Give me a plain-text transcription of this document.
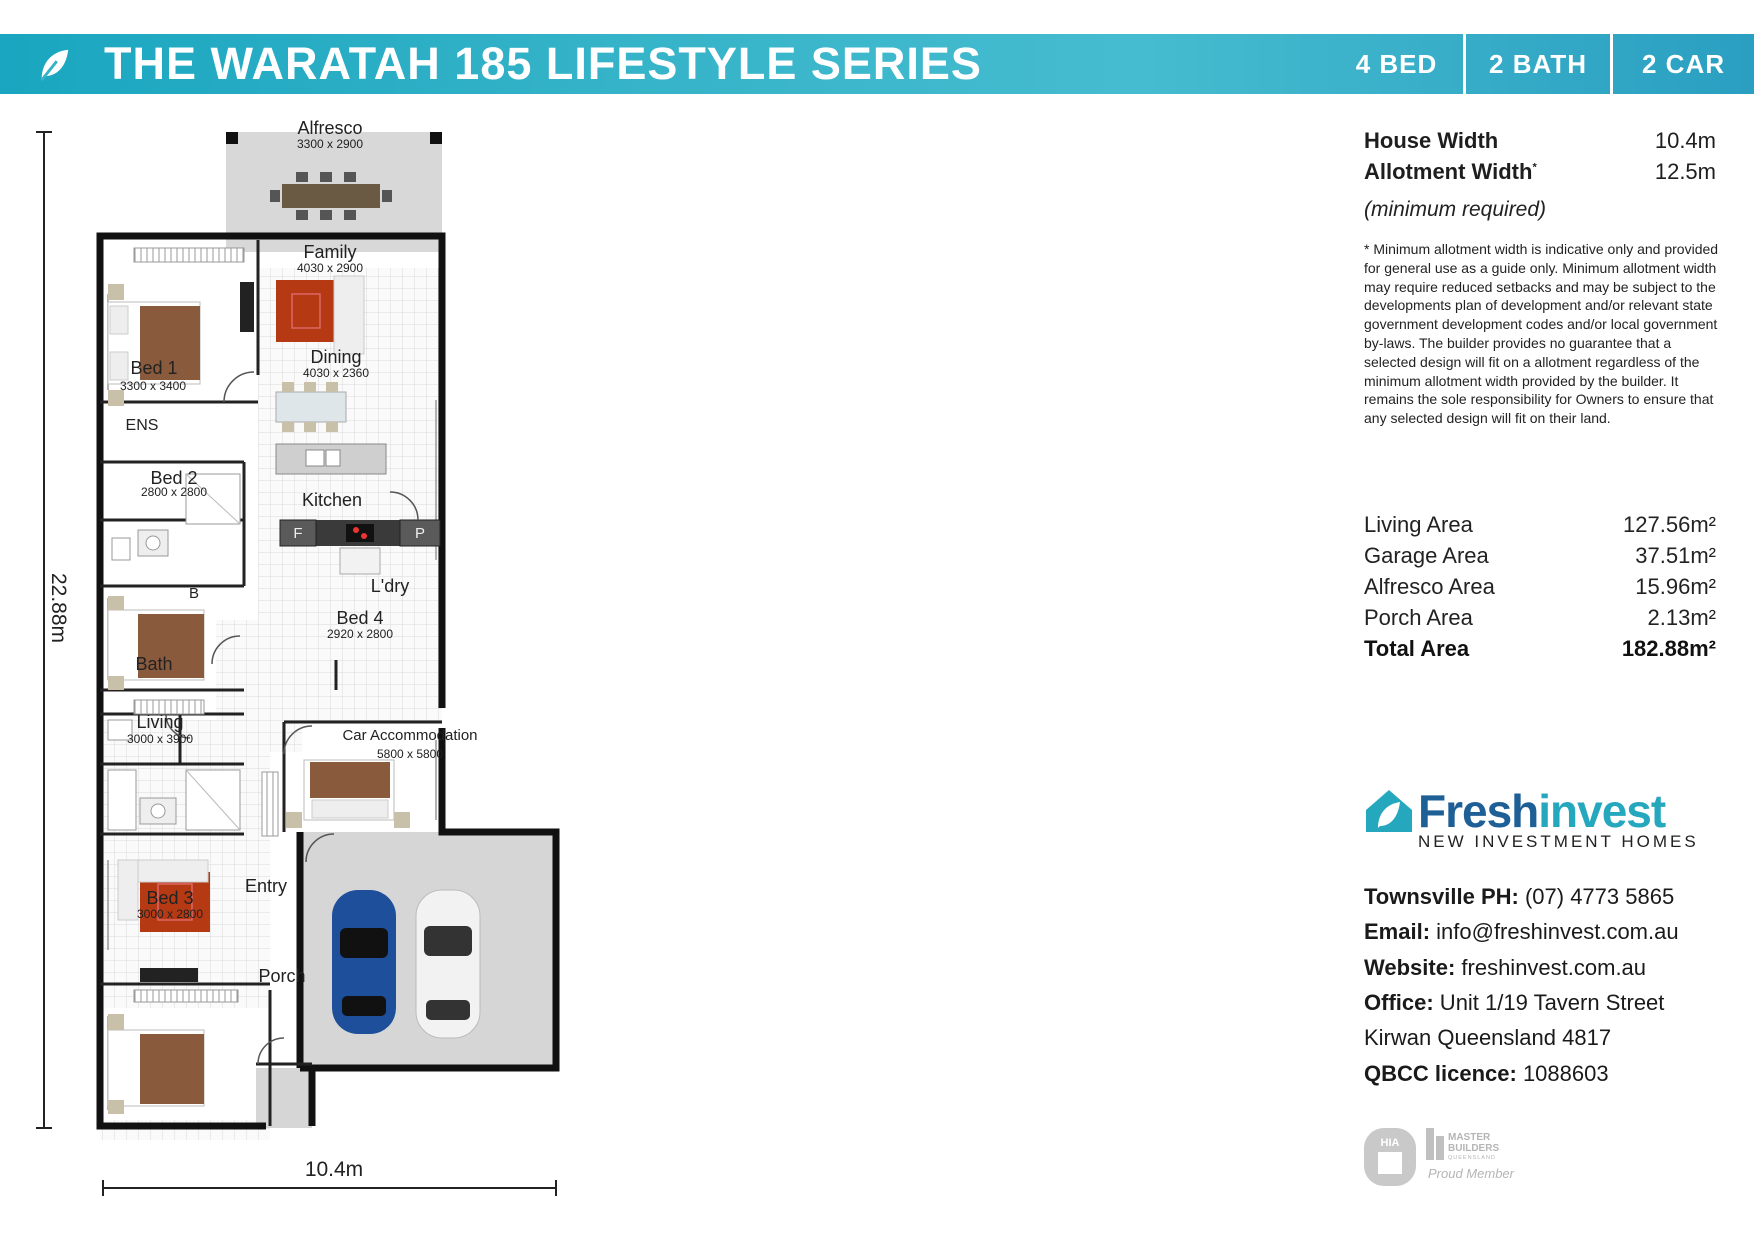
THE WARATAH 185 LIFESTYLE SERIES	4 BED	2 BATH	2 CAR
22.88m
10.4m
Alfresco
3300 x 2900
Family
4030 x 2900
Bed 1
3300 x 3400
Dining
4030 x 2360
ENS
Bed 2
2800 x 2800	Kitchen
F	P
L'dry
B
Bed 4
2920 x 2800
Bath
Living
3000 x 3900	Car Accommodation
5800 x 5800
Entry
Bed 3
3000 x 2800
Porch
House Width	10.4m
Allotment Width*	12.5m
(minimum required)
* Minimum allotment width is indicative only and provided for general use as a guide only. Minimum allotment width may require reduced setbacks and may be subject to the developments plan of development and/or relevant state government development codes and/or local government by-laws. The builder provides no guarantee that a selected design will fit on a allotment regardless of the minimum allotment width provided by the builder. It remains the sole responsibility for Owners to ensure that any selected design will fit on their land.
Living Area	127.56m²
Garage Area	37.51m²
Alfresco Area	15.96m²
Porch Area	2.13m²
Total Area	182.88m²
Freshinvest
NEW INVESTMENT HOMES
Townsville PH: (07) 4773 5865
Email: info@freshinvest.com.au
Website: freshinvest.com.au
Office: Unit 1/19 Tavern Street
Kirwan Queensland 4817
QBCC licence: 1088603
HIA	MASTER
BUILDERS
QUEENSLAND
Proud Member
